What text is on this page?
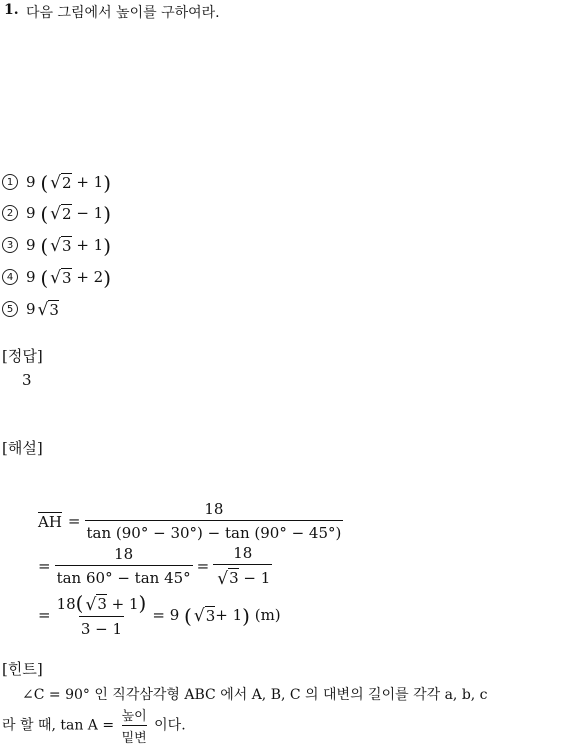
1. 다음 그림에서 높이를 구하여라.
1 9
( √ 2
+
1 )
2 9
( √ 2
−
1 )
3 9
( √ 3
+
1 )
4 9
( √ 3
+
2 )
5 9 √ 3
[정답]
3
[해설]
AH = $\frac{18}{\tan (90^\circ - 30^\circ) - \tan (90^\circ - 45^\circ)}$
= $\frac{18}{\tan 60^\circ - \tan 45^\circ} = \frac{18}{√3 - 1}$
= $\frac{18( √3 + 1)}{3 - 1}$ =
9
( √ 3 + 1 )
(m)
[힌트]
∠C = 90° 인 직각삼각형 ABC 에서 A, B, C 의 대변의 길이를 각각 a, b, c
라 할 때, $\tan A = \frac{\text{높이}}{\text{밑변}}$ 이다.
